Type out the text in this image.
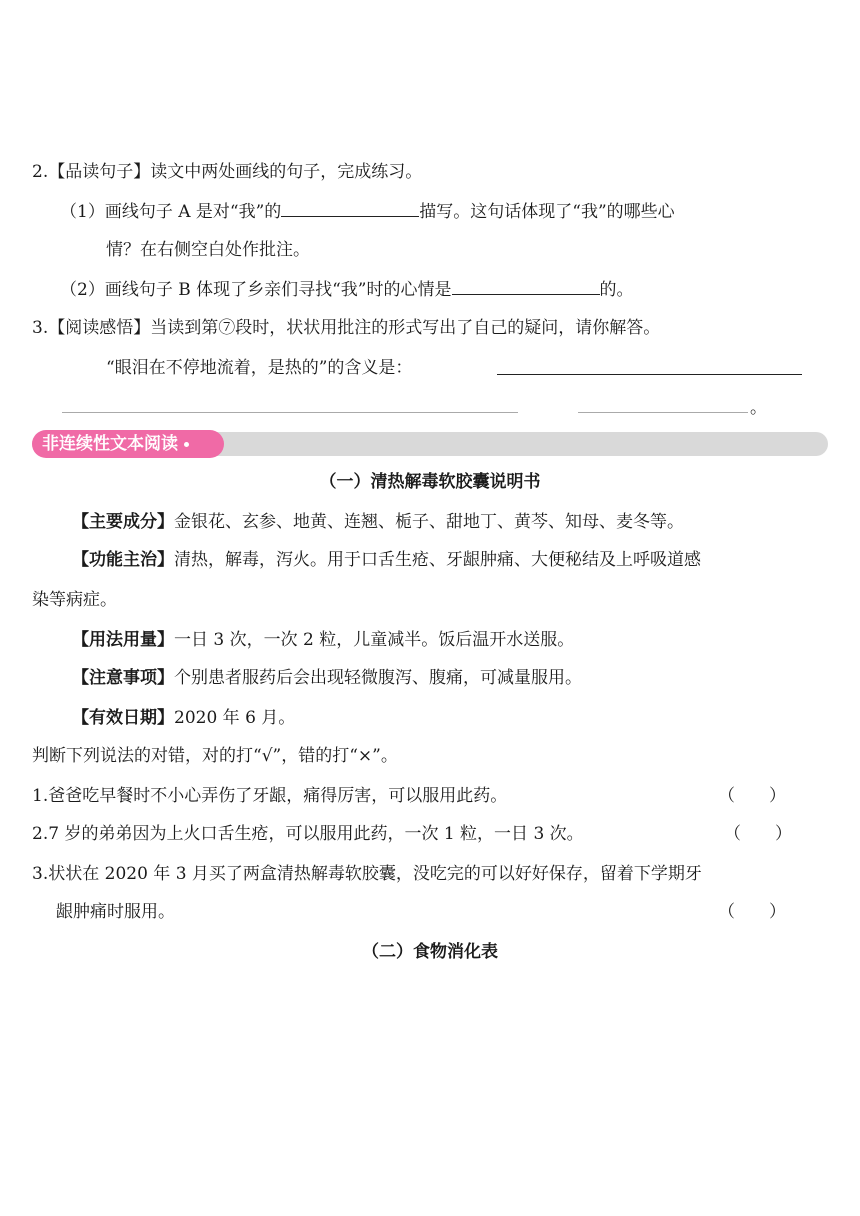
2.【品读句子】读文中两处画线的句子，完成练习。
（1）画线句子 A 是对“我”的	描写。这句话体现了“我”的哪些心
情？在右侧空白处作批注。
（2）画线句子 B 体现了乡亲们寻找“我”时的心情是	的。
3.【阅读感悟】当读到第⑦段时，状状用批注的形式写出了自己的疑问，请你解答。
“眼泪在不停地流着，是热的”的含义是：
。
非连续性文本阅读
（一）清热解毒软胶囊说明书
【主要成分】金银花、玄参、地黄、连翘、栀子、甜地丁、黄芩、知母、麦冬等。
【功能主治】清热，解毒，泻火。用于口舌生疮、牙龈肿痛、大便秘结及上呼吸道感
染等病症。
【用法用量】一日 3 次，一次 2 粒，儿童减半。饭后温开水送服。
【注意事项】个别患者服药后会出现轻微腹泻、腹痛，可减量服用。
【有效日期】2020 年 6 月。
判断下列说法的对错，对的打“√”，错的打“×”。
1.爸爸吃早餐时不小心弄伤了牙龈，痛得厉害，可以服用此药。	（　　）
2.7 岁的弟弟因为上火口舌生疮，可以服用此药，一次 1 粒，一日 3 次。	（　　）
3.状状在 2020 年 3 月买了两盒清热解毒软胶囊，没吃完的可以好好保存，留着下学期牙
龈肿痛时服用。	（　　）
（二）食物消化表
